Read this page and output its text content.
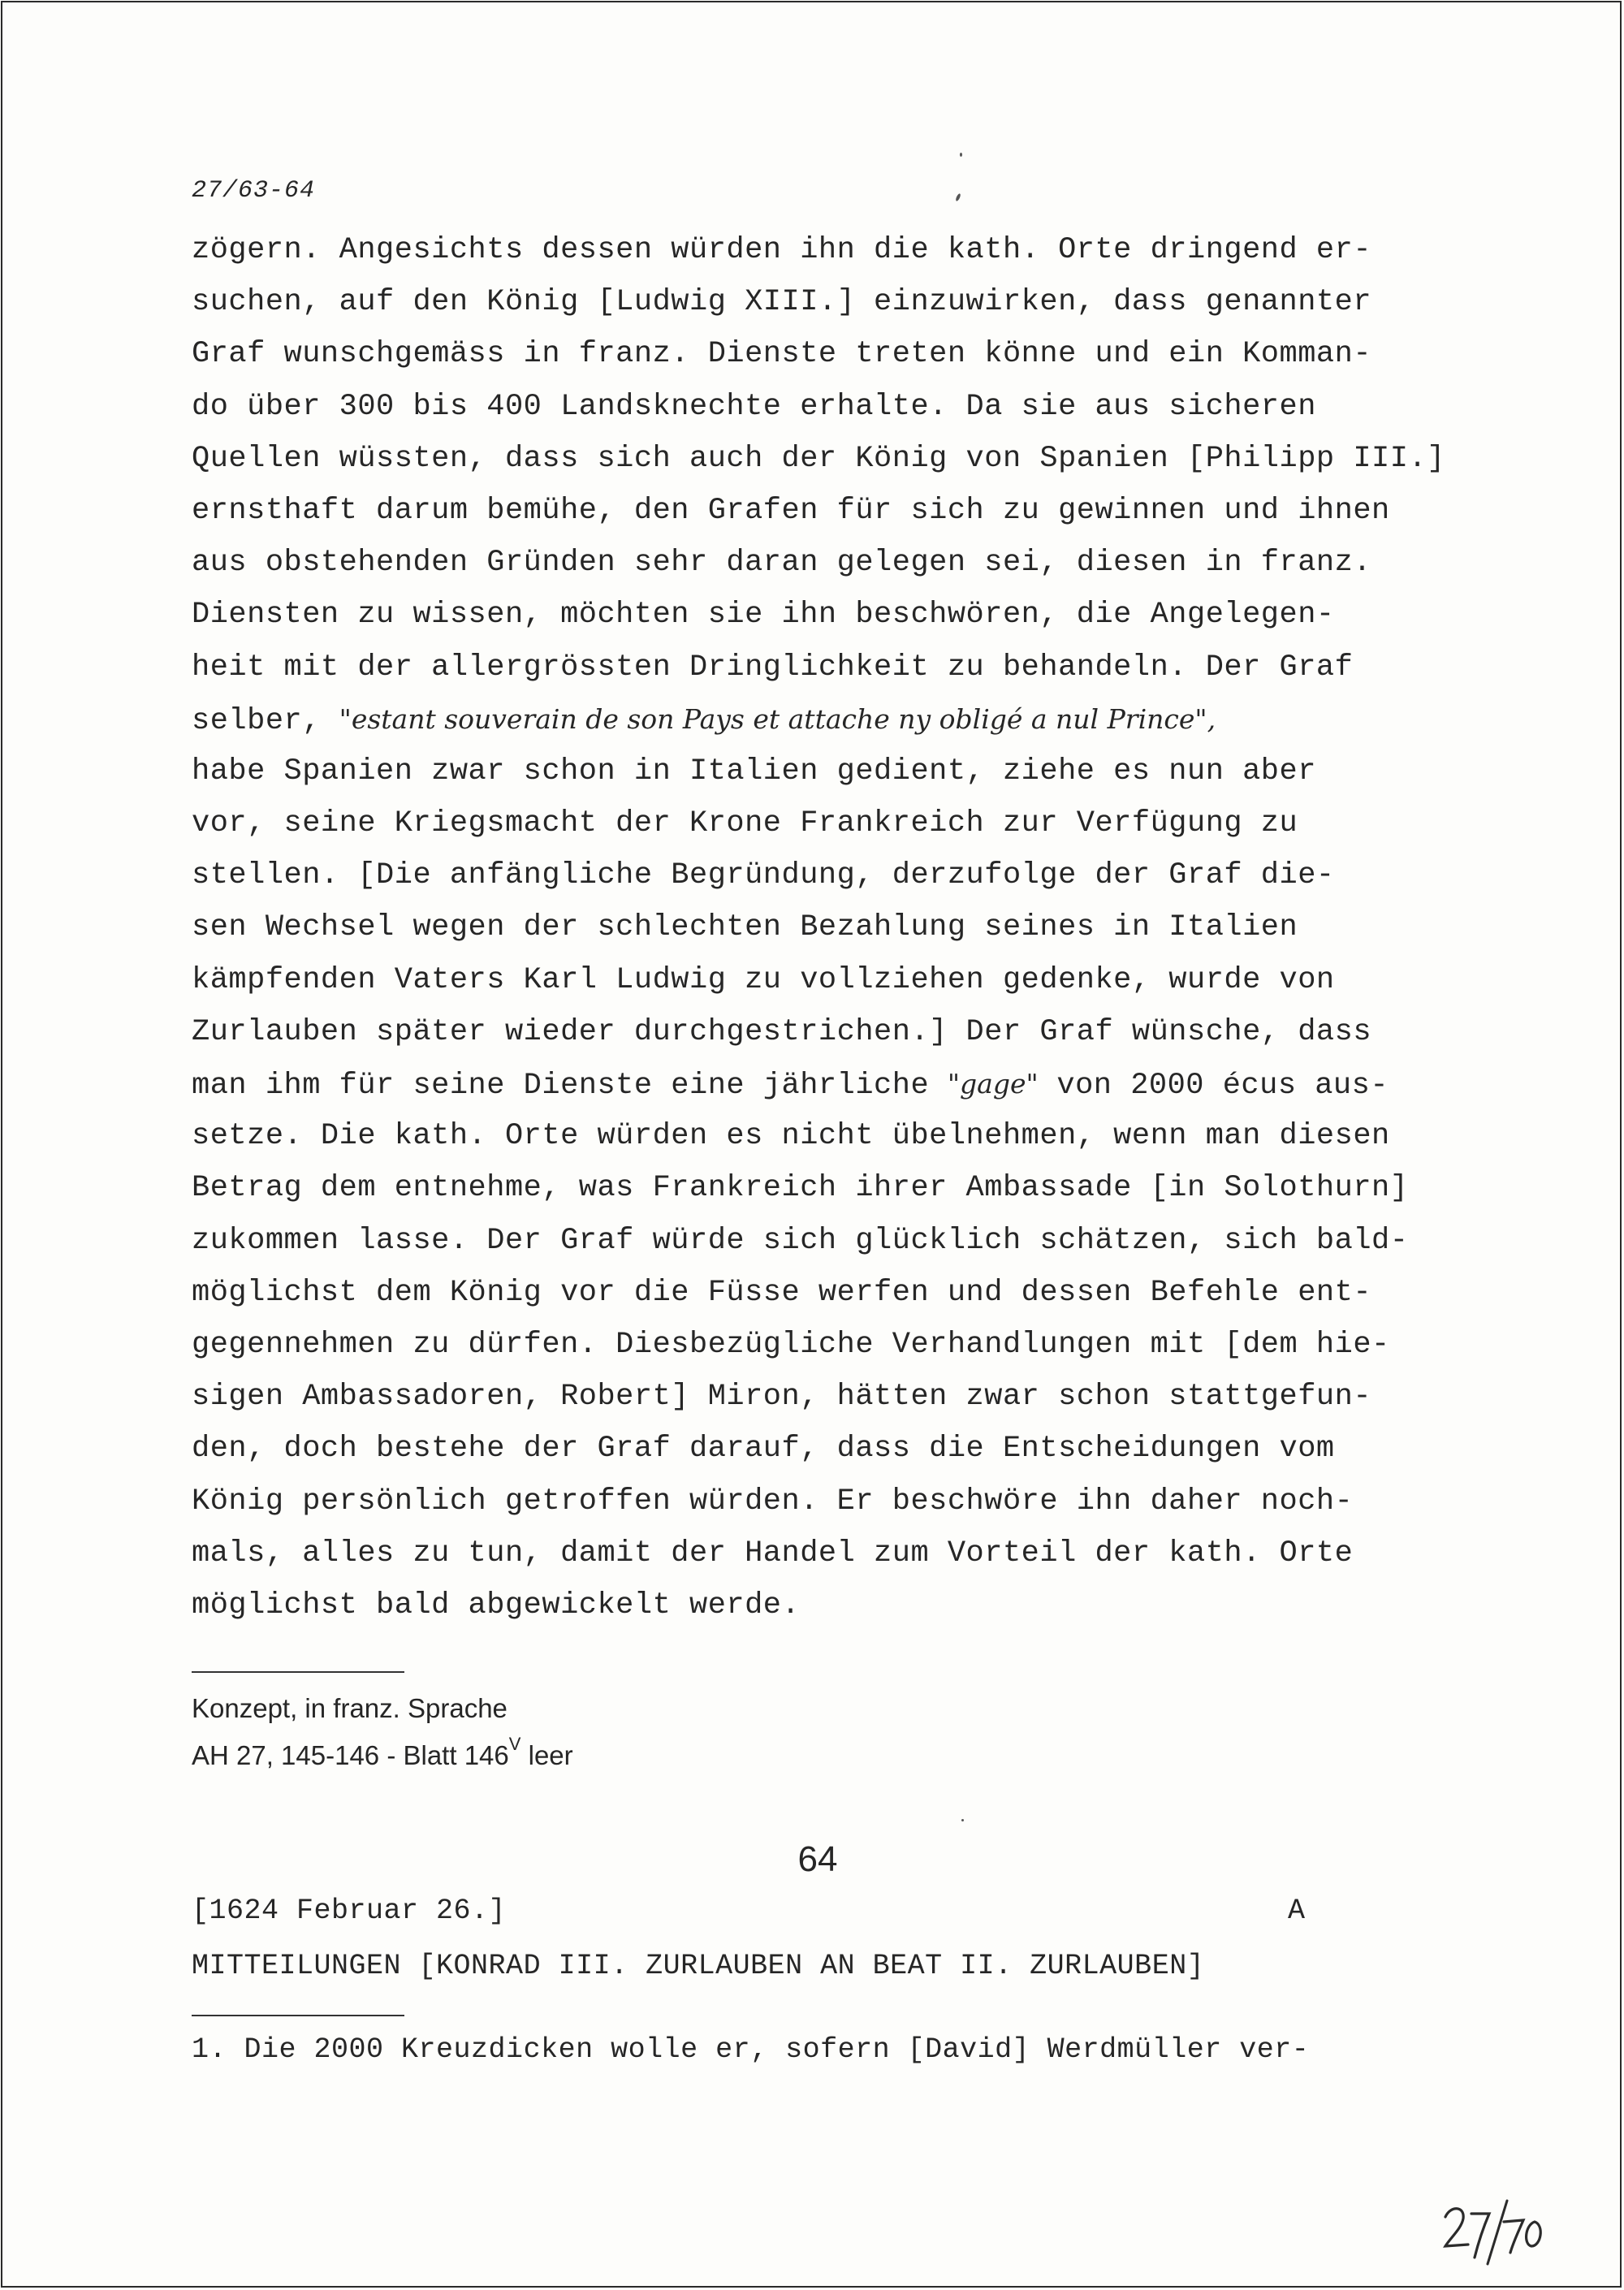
27/63-64
zögern. Angesichts dessen würden ihn die kath. Orte dringend er-
suchen, auf den König [Ludwig XIII.] einzuwirken, dass genannter
Graf wunschgemäss in franz. Dienste treten könne und ein Komman-
do über 300 bis 400 Landsknechte erhalte. Da sie aus sicheren
Quellen wüssten, dass sich auch der König von Spanien [Philipp III.]
ernsthaft darum bemühe, den Grafen für sich zu gewinnen und ihnen
aus obstehenden Gründen sehr daran gelegen sei, diesen in franz.
Diensten zu wissen, möchten sie ihn beschwören, die Angelegen-
heit mit der allergrössten Dringlichkeit zu behandeln. Der Graf
selber, "estant souverain de son Pays et attache ny obligé a nul Prince",
habe Spanien zwar schon in Italien gedient, ziehe es nun aber
vor, seine Kriegsmacht der Krone Frankreich zur Verfügung zu
stellen. [Die anfängliche Begründung, derzufolge der Graf die-
sen Wechsel wegen der schlechten Bezahlung seines in Italien
kämpfenden Vaters Karl Ludwig zu vollziehen gedenke, wurde von
Zurlauben später wieder durchgestrichen.] Der Graf wünsche, dass
man ihm für seine Dienste eine jährliche "gage" von 2000 écus aus-
setze. Die kath. Orte würden es nicht übelnehmen, wenn man diesen
Betrag dem entnehme, was Frankreich ihrer Ambassade [in Solothurn]
zukommen lasse. Der Graf würde sich glücklich schätzen, sich bald-
möglichst dem König vor die Füsse werfen und dessen Befehle ent-
gegennehmen zu dürfen. Diesbezügliche Verhandlungen mit [dem hie-
sigen Ambassadoren, Robert] Miron, hätten zwar schon stattgefun-
den, doch bestehe der Graf darauf, dass die Entscheidungen vom
König persönlich getroffen würden. Er beschwöre ihn daher noch-
mals, alles zu tun, damit der Handel zum Vorteil der kath. Orte
möglichst bald abgewickelt werde.
Konzept, in franz. Sprache
AH 27, 145-146 - Blatt $146^V$ leer
64
[1624 Februar 26.]	A
MITTEILUNGEN [KONRAD III. ZURLAUBEN AN BEAT II. ZURLAUBEN]
1. Die 2000 Kreuzdicken wolle er, sofern [David] Werdmüller ver-
